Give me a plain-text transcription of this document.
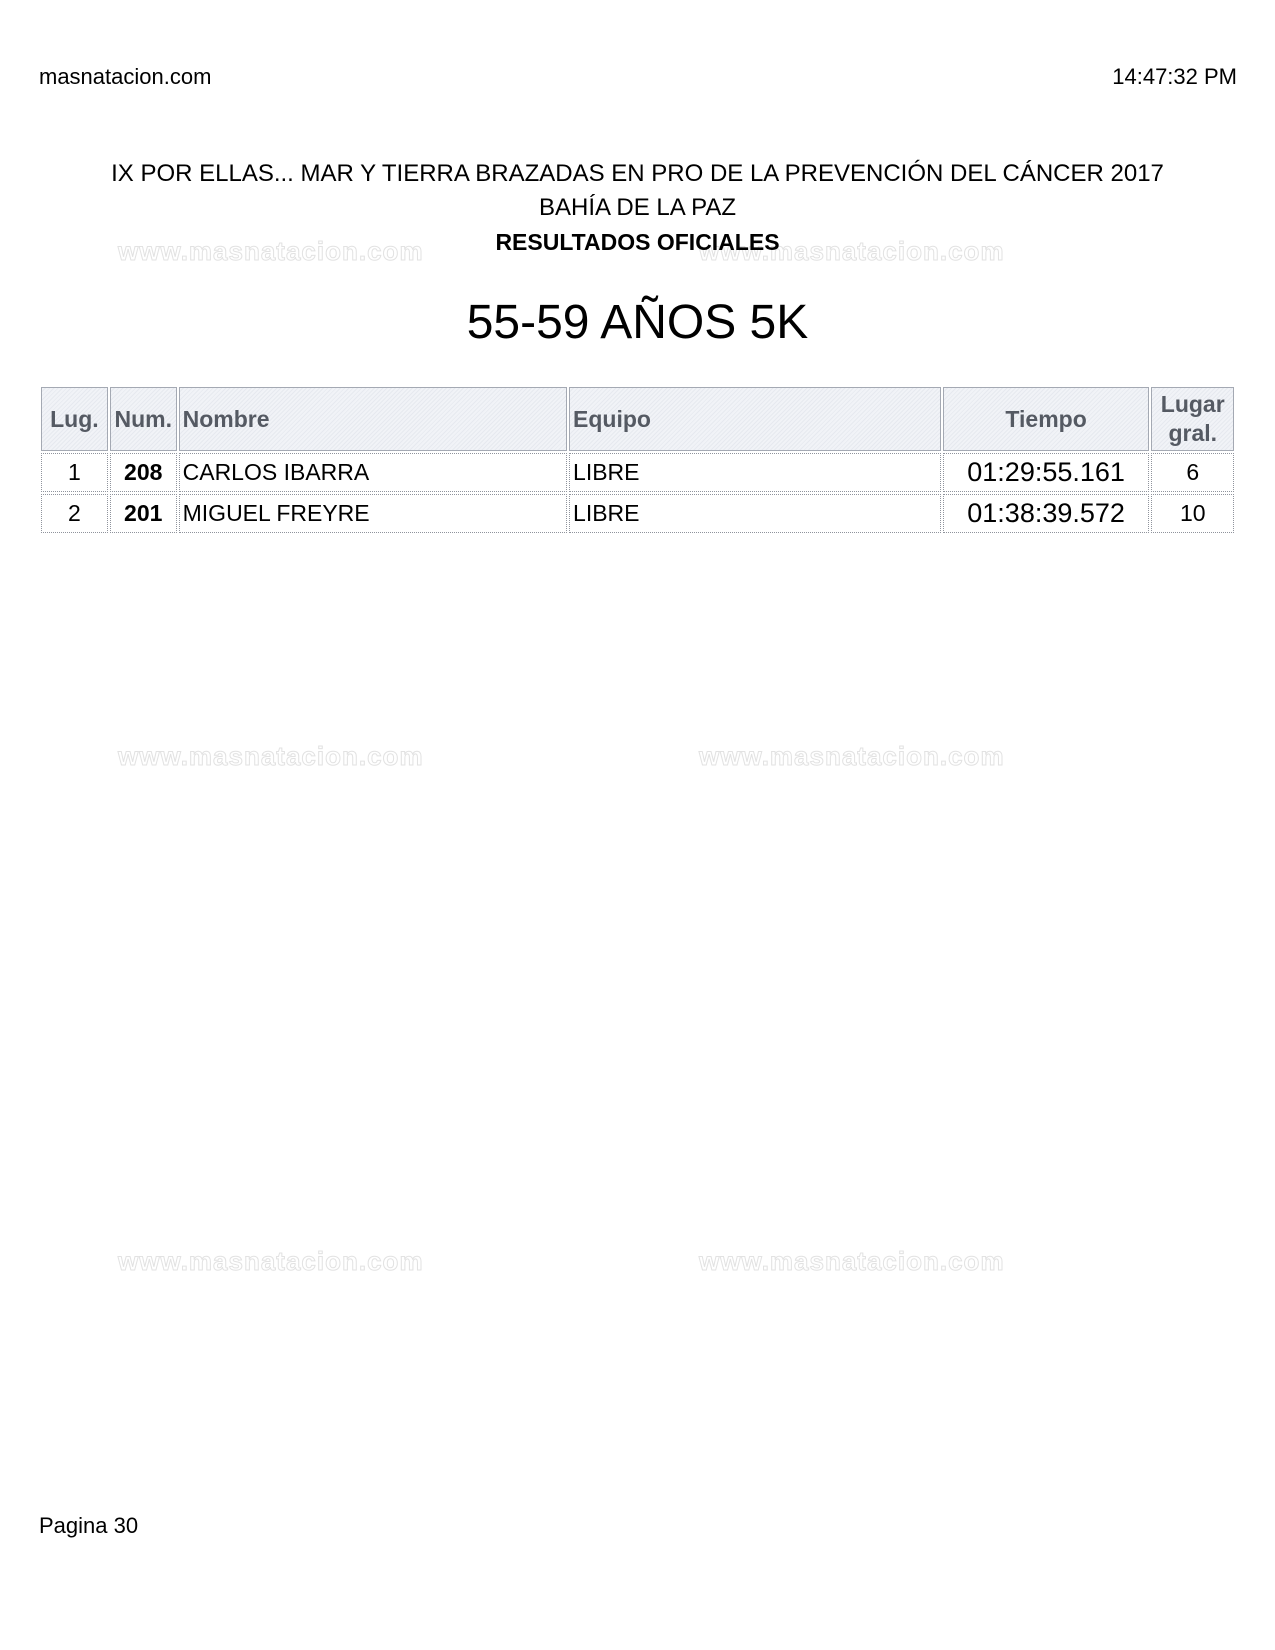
www.masnatacion.com	www.masnatacion.com
www.masnatacion.com	www.masnatacion.com
www.masnatacion.com	www.masnatacion.com
masnatacion.com	14:47:32 PM
IX POR ELLAS... MAR Y TIERRA BRAZADAS EN PRO DE LA PREVENCIÓN DEL CÁNCER 2017
BAHÍA DE LA PAZ
RESULTADOS OFICIALES
55-59 AÑOS 5K
Lug.	Num.	Nombre	Equipo	Tiempo	Lugar
gral.

1	208	CARLOS IBARRA	LIBRE	01:29:55.161	6
2	201	MIGUEL FREYRE	LIBRE	01:38:39.572	10
Pagina 30
